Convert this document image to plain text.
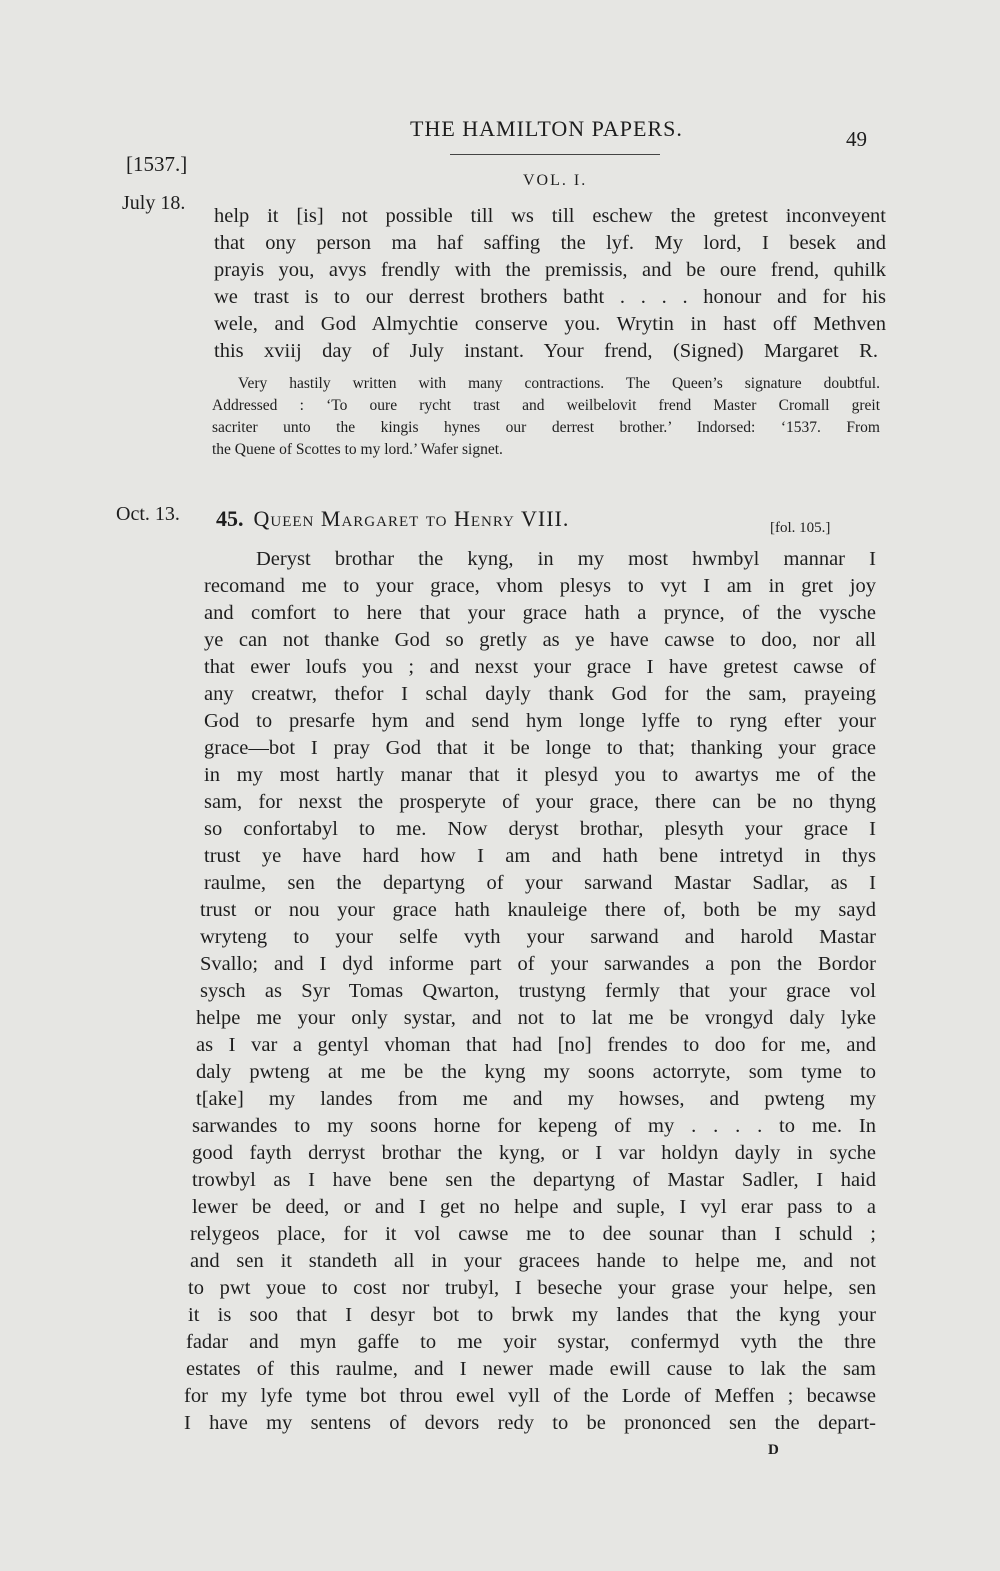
THE HAMILTON PAPERS.	49
[1537.]
VOL. I.
July 18.
help it [is] not possible till ws till eschew the gretest inconveyent
that ony person ma haf saffing the lyf. My lord, I besek and
prayis you, avys frendly with the premissis, and be oure frend, quhilk
we trast is to our derrest brothers batht . . . . honour and for his
wele, and God Almychtie conserve you. Wrytin in hast off Methven
this xviij day of July instant. Your frend, (Signed) Margaret R.
Very hastily written with many contractions. The Queen’s signature doubtful.
Addressed : ‘To oure rycht trast and weilbelovit frend Master Cromall greit
sacriter unto the kingis hynes our derrest brother.’ Indorsed: ‘1537. From
the Quene of Scottes to my lord.’ Wafer signet.
Oct. 13. 45. Queen Margaret to Henry VIII.	[fol. 105.]
Deryst brothar the kyng, in my most hwmbyl mannar I
recomand me to your grace, vhom plesys to vyt I am in gret joy
and comfort to here that your grace hath a prynce, of the vysche
ye can not thanke God so gretly as ye have cawse to doo, nor all
that ewer loufs you ; and nexst your grace I have gretest cawse of
any creatwr, thefor I schal dayly thank God for the sam, prayeing
God to presarfe hym and send hym longe lyffe to ryng efter your
grace—bot I pray God that it be longe to that; thanking your grace
in my most hartly manar that it plesyd you to awartys me of the
sam, for nexst the prosperyte of your grace, there can be no thyng
so confortabyl to me. Now deryst brothar, plesyth your grace I
trust ye have hard how I am and hath bene intretyd in thys
raulme, sen the departyng of your sarwand Mastar Sadlar, as I
trust or nou your grace hath knauleige there of, both be my sayd
wryteng to your selfe vyth your sarwand and harold Mastar
Svallo; and I dyd informe part of your sarwandes a pon the Bordor
sysch as Syr Tomas Qwarton, trustyng fermly that your grace vol
helpe me your only systar, and not to lat me be vrongyd daly lyke
as I var a gentyl vhoman that had [no] frendes to doo for me, and
daly pwteng at me be the kyng my soons actorryte, som tyme to
t[ake] my landes from me and my howses, and pwteng my
sarwandes to my soons horne for kepeng of my . . . . to me. In
good fayth derryst brothar the kyng, or I var holdyn dayly in syche
trowbyl as I have bene sen the departyng of Mastar Sadler, I haid
lewer be deed, or and I get no helpe and suple, I vyl erar pass to a
relygeos place, for it vol cawse me to dee sounar than I schuld ;
and sen it standeth all in your gracees hande to helpe me, and not
to pwt youe to cost nor trubyl, I beseche your grase your helpe, sen
it is soo that I desyr bot to brwk my landes that the kyng your
fadar and myn gaffe to me yoir systar, confermyd vyth the thre
estates of this raulme, and I newer made ewill cause to lak the sam
for my lyfe tyme bot throu ewel vyll of the Lorde of Meffen ; becawse
I have my sentens of devors redy to be prononced sen the depart-
D
